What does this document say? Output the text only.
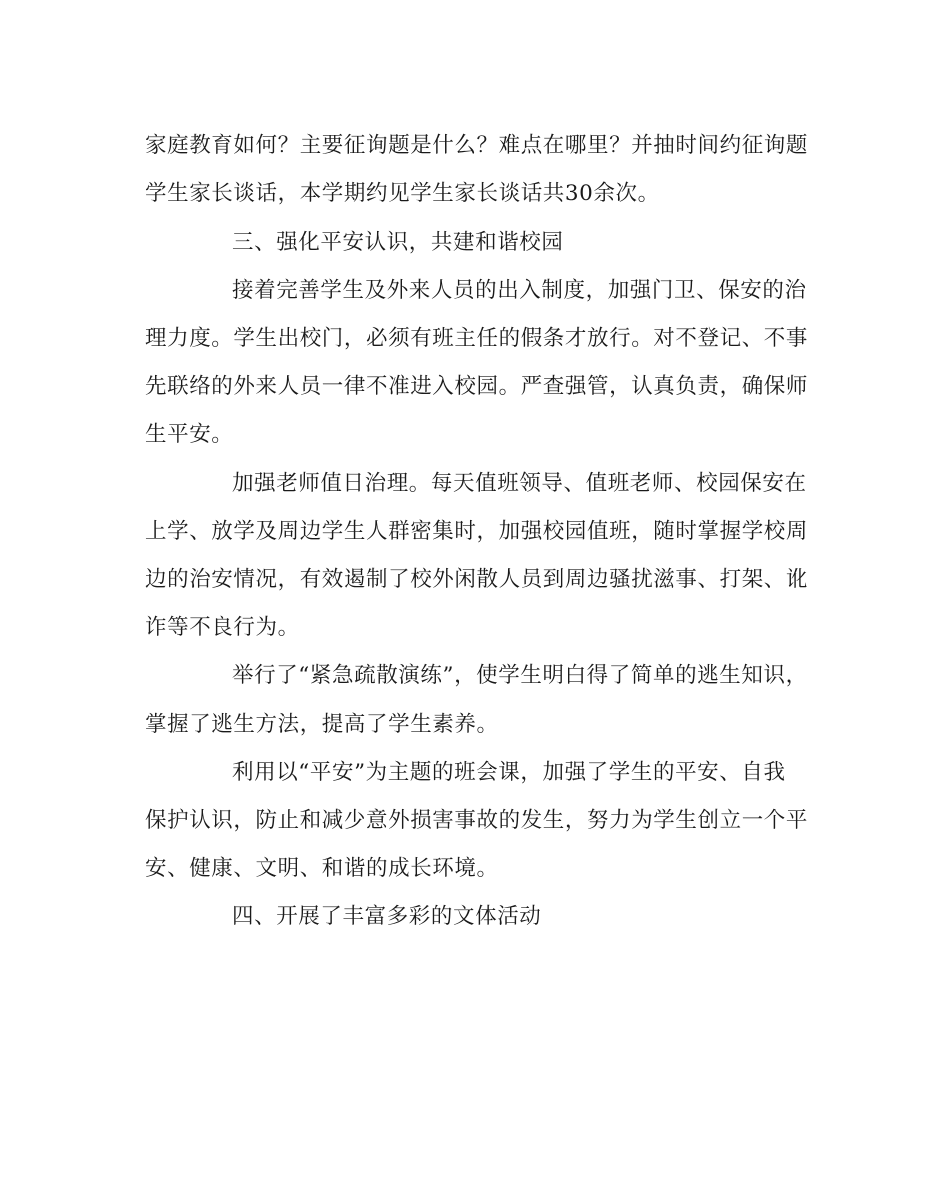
家庭教育如何？主要征询题是什么？难点在哪里？并抽时间约征询题
学生家长谈话，本学期约见学生家长谈话共30余次。
三、强化平安认识，共建和谐校园
接着完善学生及外来人员的出入制度，加强门卫、保安的治
理力度。学生出校门，必须有班主任的假条才放行。对不登记、不事
先联络的外来人员一律不准进入校园。严查强管，认真负责，确保师
生平安。
加强老师值日治理。每天值班领导、值班老师、校园保安在
上学、放学及周边学生人群密集时，加强校园值班，随时掌握学校周
边的治安情况，有效遏制了校外闲散人员到周边骚扰滋事、打架、讹
诈等不良行为。
举行了“紧急疏散演练”，使学生明白得了简单的逃生知识，
掌握了逃生方法，提高了学生素养。
利用以“平安”为主题的班会课，加强了学生的平安、自我
保护认识，防止和减少意外损害事故的发生，努力为学生创立一个平
安、健康、文明、和谐的成长环境。
四、开展了丰富多彩的文体活动
